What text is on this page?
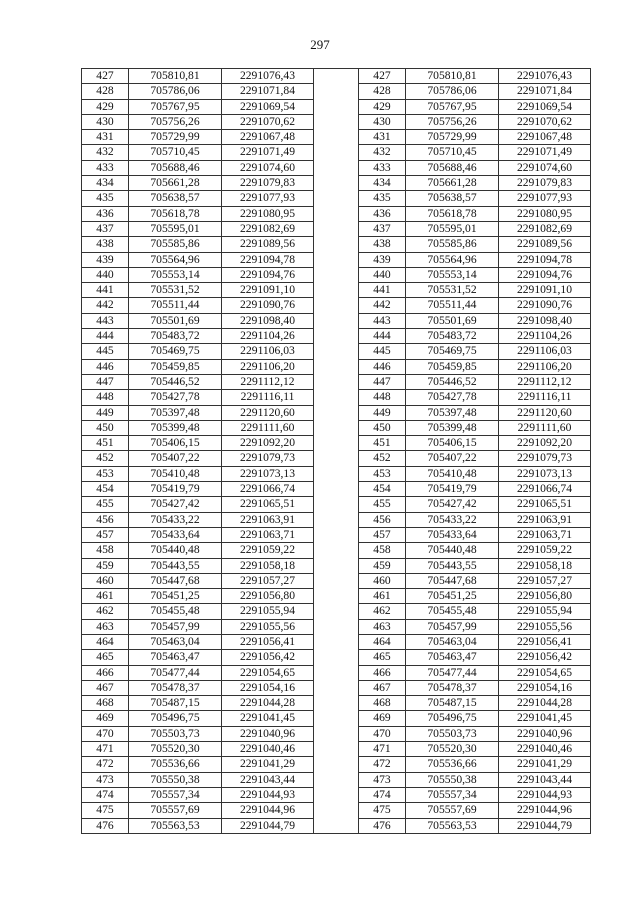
297
427	705810,81	2291076,43		427	705810,81	2291076,43
428	705786,06	2291071,84		428	705786,06	2291071,84
429	705767,95	2291069,54		429	705767,95	2291069,54
430	705756,26	2291070,62		430	705756,26	2291070,62
431	705729,99	2291067,48		431	705729,99	2291067,48
432	705710,45	2291071,49		432	705710,45	2291071,49
433	705688,46	2291074,60		433	705688,46	2291074,60
434	705661,28	2291079,83		434	705661,28	2291079,83
435	705638,57	2291077,93		435	705638,57	2291077,93
436	705618,78	2291080,95		436	705618,78	2291080,95
437	705595,01	2291082,69		437	705595,01	2291082,69
438	705585,86	2291089,56		438	705585,86	2291089,56
439	705564,96	2291094,78		439	705564,96	2291094,78
440	705553,14	2291094,76		440	705553,14	2291094,76
441	705531,52	2291091,10		441	705531,52	2291091,10
442	705511,44	2291090,76		442	705511,44	2291090,76
443	705501,69	2291098,40		443	705501,69	2291098,40
444	705483,72	2291104,26		444	705483,72	2291104,26
445	705469,75	2291106,03		445	705469,75	2291106,03
446	705459,85	2291106,20		446	705459,85	2291106,20
447	705446,52	2291112,12		447	705446,52	2291112,12
448	705427,78	2291116,11		448	705427,78	2291116,11
449	705397,48	2291120,60		449	705397,48	2291120,60
450	705399,48	2291111,60		450	705399,48	2291111,60
451	705406,15	2291092,20		451	705406,15	2291092,20
452	705407,22	2291079,73		452	705407,22	2291079,73
453	705410,48	2291073,13		453	705410,48	2291073,13
454	705419,79	2291066,74		454	705419,79	2291066,74
455	705427,42	2291065,51		455	705427,42	2291065,51
456	705433,22	2291063,91		456	705433,22	2291063,91
457	705433,64	2291063,71		457	705433,64	2291063,71
458	705440,48	2291059,22		458	705440,48	2291059,22
459	705443,55	2291058,18		459	705443,55	2291058,18
460	705447,68	2291057,27		460	705447,68	2291057,27
461	705451,25	2291056,80		461	705451,25	2291056,80
462	705455,48	2291055,94		462	705455,48	2291055,94
463	705457,99	2291055,56		463	705457,99	2291055,56
464	705463,04	2291056,41		464	705463,04	2291056,41
465	705463,47	2291056,42		465	705463,47	2291056,42
466	705477,44	2291054,65		466	705477,44	2291054,65
467	705478,37	2291054,16		467	705478,37	2291054,16
468	705487,15	2291044,28		468	705487,15	2291044,28
469	705496,75	2291041,45		469	705496,75	2291041,45
470	705503,73	2291040,96		470	705503,73	2291040,96
471	705520,30	2291040,46		471	705520,30	2291040,46
472	705536,66	2291041,29		472	705536,66	2291041,29
473	705550,38	2291043,44		473	705550,38	2291043,44
474	705557,34	2291044,93		474	705557,34	2291044,93
475	705557,69	2291044,96		475	705557,69	2291044,96
476	705563,53	2291044,79		476	705563,53	2291044,79
